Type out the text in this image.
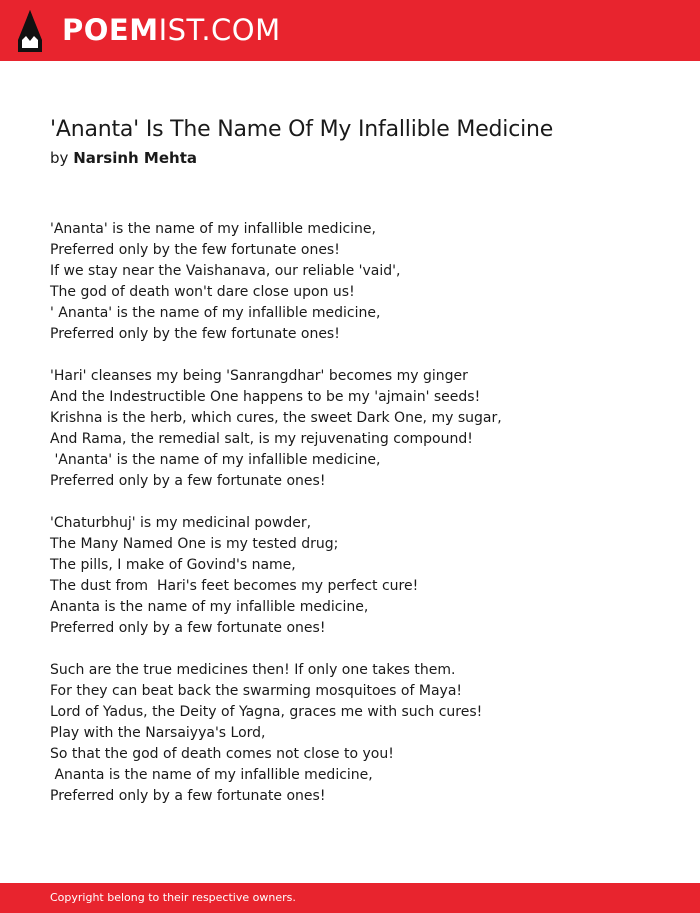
POEMIST.COM
'Ananta' Is The Name Of My Infallible Medicine
by Narsinh Mehta
'Ananta' is the name of my infallible medicine,
Preferred only by the few fortunate ones!
If we stay near the Vaishanava, our reliable 'vaid',
The god of death won't dare close upon us!
' Ananta' is the name of my infallible medicine,
Preferred only by the few fortunate ones!
'Hari' cleanses my being 'Sanrangdhar' becomes my ginger
And the Indestructible One happens to be my 'ajmain' seeds!
Krishna is the herb, which cures, the sweet Dark One, my sugar,
And Rama, the remedial salt, is my rejuvenating compound!
'Ananta' is the name of my infallible medicine,
Preferred only by a few fortunate ones!
'Chaturbhuj' is my medicinal powder,
The Many Named One is my tested drug;
The pills, I make of Govind's name,
The dust from  Hari's feet becomes my perfect cure!
Ananta is the name of my infallible medicine,
Preferred only by a few fortunate ones!
Such are the true medicines then! If only one takes them.
For they can beat back the swarming mosquitoes of Maya!
Lord of Yadus, the Deity of Yagna, graces me with such cures!
Play with the Narsaiyya's Lord,
So that the god of death comes not close to you!
Ananta is the name of my infallible medicine,
Preferred only by a few fortunate ones!
Copyright belong to their respective owners.
